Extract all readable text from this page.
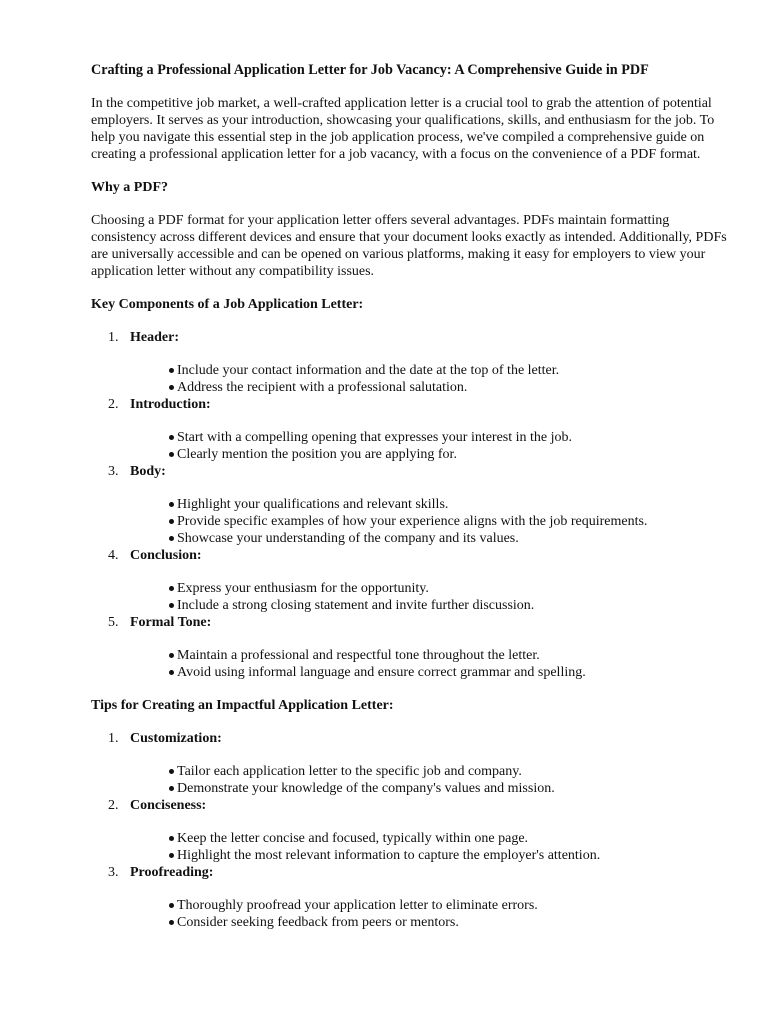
Crafting a Professional Application Letter for Job Vacancy: A Comprehensive Guide in PDF

In the competitive job market, a well-crafted application letter is a crucial tool to grab the attention of potential employers. It serves as your introduction, showcasing your qualifications, skills, and enthusiasm for the job. To help you navigate this essential step in the job application process, we've compiled a comprehensive guide on creating a professional application letter for a job vacancy, with a focus on the convenience of a PDF format.

Why a PDF?

Choosing a PDF format for your application letter offers several advantages. PDFs maintain formatting consistency across different devices and ensure that your document looks exactly as intended. Additionally, PDFs are universally accessible and can be opened on various platforms, making it easy for employers to view your application letter without any compatibility issues.

Key Components of a Job Application Letter:
1. Header:
Include your contact information and the date at the top of the letter.
Address the recipient with a professional salutation.
2. Introduction:
Start with a compelling opening that expresses your interest in the job.
Clearly mention the position you are applying for.
3. Body:
Highlight your qualifications and relevant skills.
Provide specific examples of how your experience aligns with the job requirements.
Showcase your understanding of the company and its values.
4. Conclusion:
Express your enthusiasm for the opportunity.
Include a strong closing statement and invite further discussion.
5. Formal Tone:
Maintain a professional and respectful tone throughout the letter.
Avoid using informal language and ensure correct grammar and spelling.
Tips for Creating an Impactful Application Letter:
1. Customization:
Tailor each application letter to the specific job and company.
Demonstrate your knowledge of the company's values and mission.
2. Conciseness:
Keep the letter concise and focused, typically within one page.
Highlight the most relevant information to capture the employer's attention.
3. Proofreading:
Thoroughly proofread your application letter to eliminate errors.
Consider seeking feedback from peers or mentors.
